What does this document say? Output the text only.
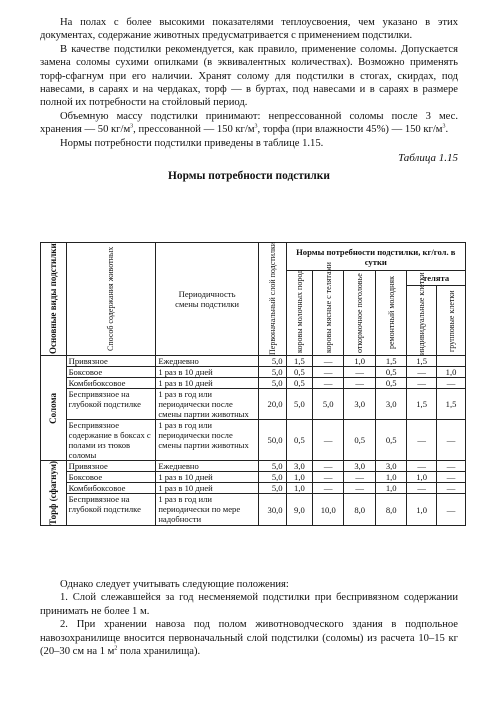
На полах с более высокими показателями теплоусвоения, чем указано в этих документах, содержание животных предусматривается с применением подстилки.

В качестве подстилки рекомендуется, как правило, применение соломы. Допускается замена соломы сухими опилками (в эквивалентных количествах). Возможно применять торф-сфагнум при его наличии. Хранят солому для подстилки в стогах, скирдах, под навесами, в сараях и на чердаках, торф — в буртах, под навесами и в сараях в размере полной их потребности на стойловый период.

Объемную массу подстилки принимают: непрессованной соломы после 3 мес. хранения — 50 $кг/м^3$, прессованной — 150 $кг/м^3$, торфа (при влажности 45%) — 150 $кг/м^3$.

Нормы потребности подстилки приведены в таблице 1.15.

Таблица 1.15
Нормы потребности подстилки
Основные виды подстилки	Способ содержания животных	Периодичность смены подстилки	Первоначальный слой подстилки	Нормы потребности подстилки, кг/гол. в сутки					

				коровы молочных пород	коровы мясные с телятами	откормочное поголовье	ремонтный молодняк	телята	

								индивидуальные клетки	групповые клетки

Солома	Привязное	Ежедневно	5,0	1,5	—	1,0	1,5	1,5	
	Боксовое	1 раз в 10 дней	5,0	0,5	—	—	0,5	—	1,0
	Комбибоксовое	1 раз в 10 дней	5,0	0,5	—	—	0,5	—	—
	Беспривязное на глубокой подстилке	1 раз в год или периодически после смены партии животных	20,0	5,0	5,0	3,0	3,0	1,5	1,5
	Беспривязное содержание в боксах с полами из тюков соломы	1 раз в год или периодически после смены партии животных	50,0	0,5	—	0,5	0,5	—	—

Торф (сфагнум)	Привязное	Ежедневно	5,0	3,0	—	3,0	3,0	—	—
	Боксовое	1 раз в 10 дней	5,0	1,0	—	—	1,0	1,0	—
	Комбибоксовое	1 раз в 10 дней	5,0	1,0	—	—	1,0	—	—
	Беспривязное на глубокой подстилке	1 раз в год или периодически по мере надобности	30,0	9,0	10,0	8,0	8,0	1,0	—

Однако следует учитывать следующие положения:

1. Слой слежавшейся за год несменяемой подстилки при беспривязном содержании принимать не более 1 м.

2. При хранении навоза под полом животноводческого здания в подпольное навозохранилище вносится первоначальный слой подстилки (соломы) из расчета 10–15 кг (20–30 см на 1 $м^2$ пола хранилища).
